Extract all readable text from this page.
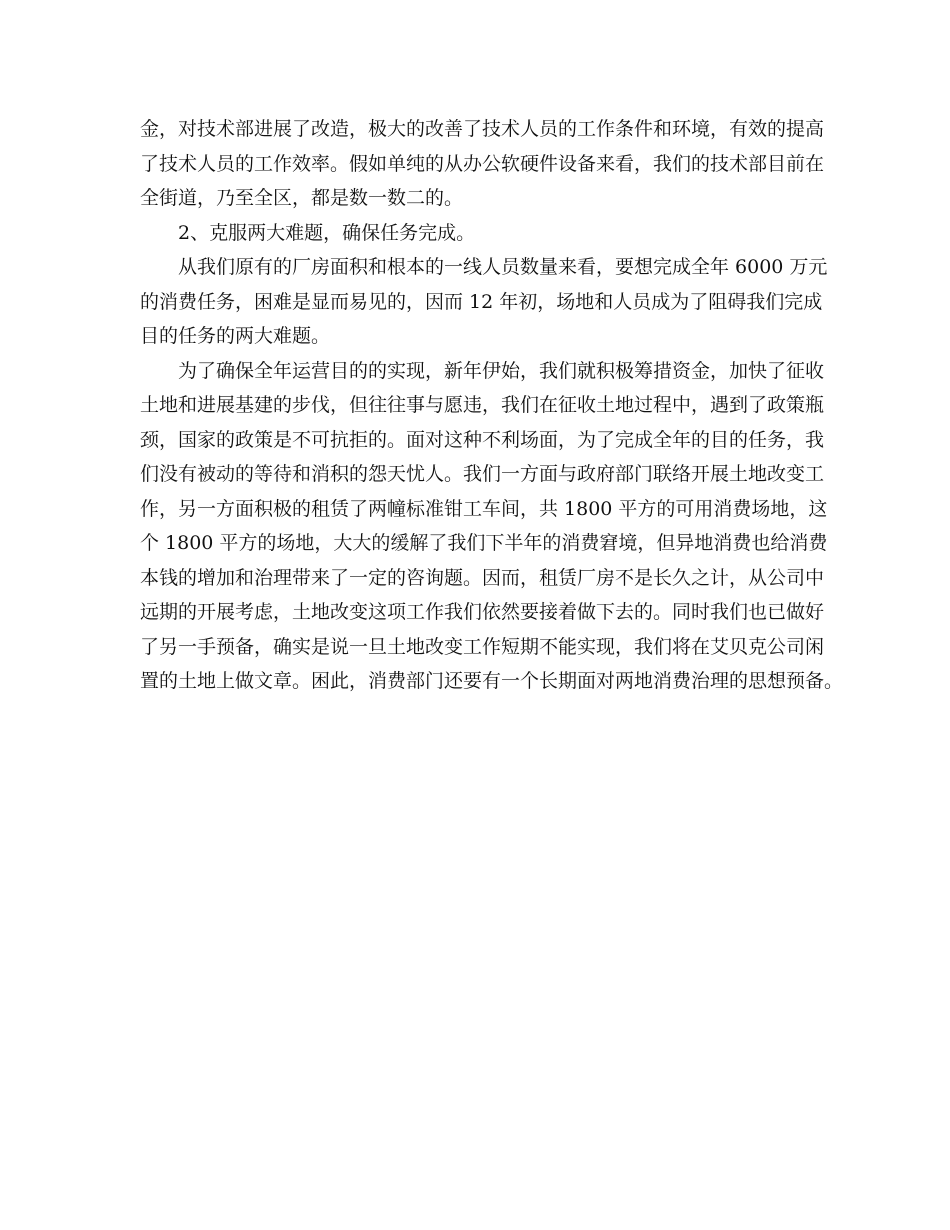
金，对技术部进展了改造，极大的改善了技术人员的工作条件和环境，有效的提高
了技术人员的工作效率。假如单纯的从办公软硬件设备来看，我们的技术部目前在
全街道，乃至全区，都是数一数二的。
2、克服两大难题，确保任务完成。
从我们原有的厂房面积和根本的一线人员数量来看，要想完成全年 6000 万元
的消费任务，困难是显而易见的，因而 12 年初，场地和人员成为了阻碍我们完成
目的任务的两大难题。
为了确保全年运营目的的实现，新年伊始，我们就积极筹措资金，加快了征收
土地和进展基建的步伐，但往往事与愿违，我们在征收土地过程中，遇到了政策瓶
颈，国家的政策是不可抗拒的。面对这种不利场面，为了完成全年的目的任务，我
们没有被动的等待和消积的怨天忧人。我们一方面与政府部门联络开展土地改变工
作，另一方面积极的租赁了两幢标准钳工车间，共 1800 平方的可用消费场地，这
个 1800 平方的场地，大大的缓解了我们下半年的消费窘境，但异地消费也给消费
本钱的增加和治理带来了一定的咨询题。因而，租赁厂房不是长久之计，从公司中
远期的开展考虑，土地改变这项工作我们依然要接着做下去的。同时我们也已做好
了另一手预备，确实是说一旦土地改变工作短期不能实现，我们将在艾贝克公司闲
置的土地上做文章。困此，消费部门还要有一个长期面对两地消费治理的思想预备。
